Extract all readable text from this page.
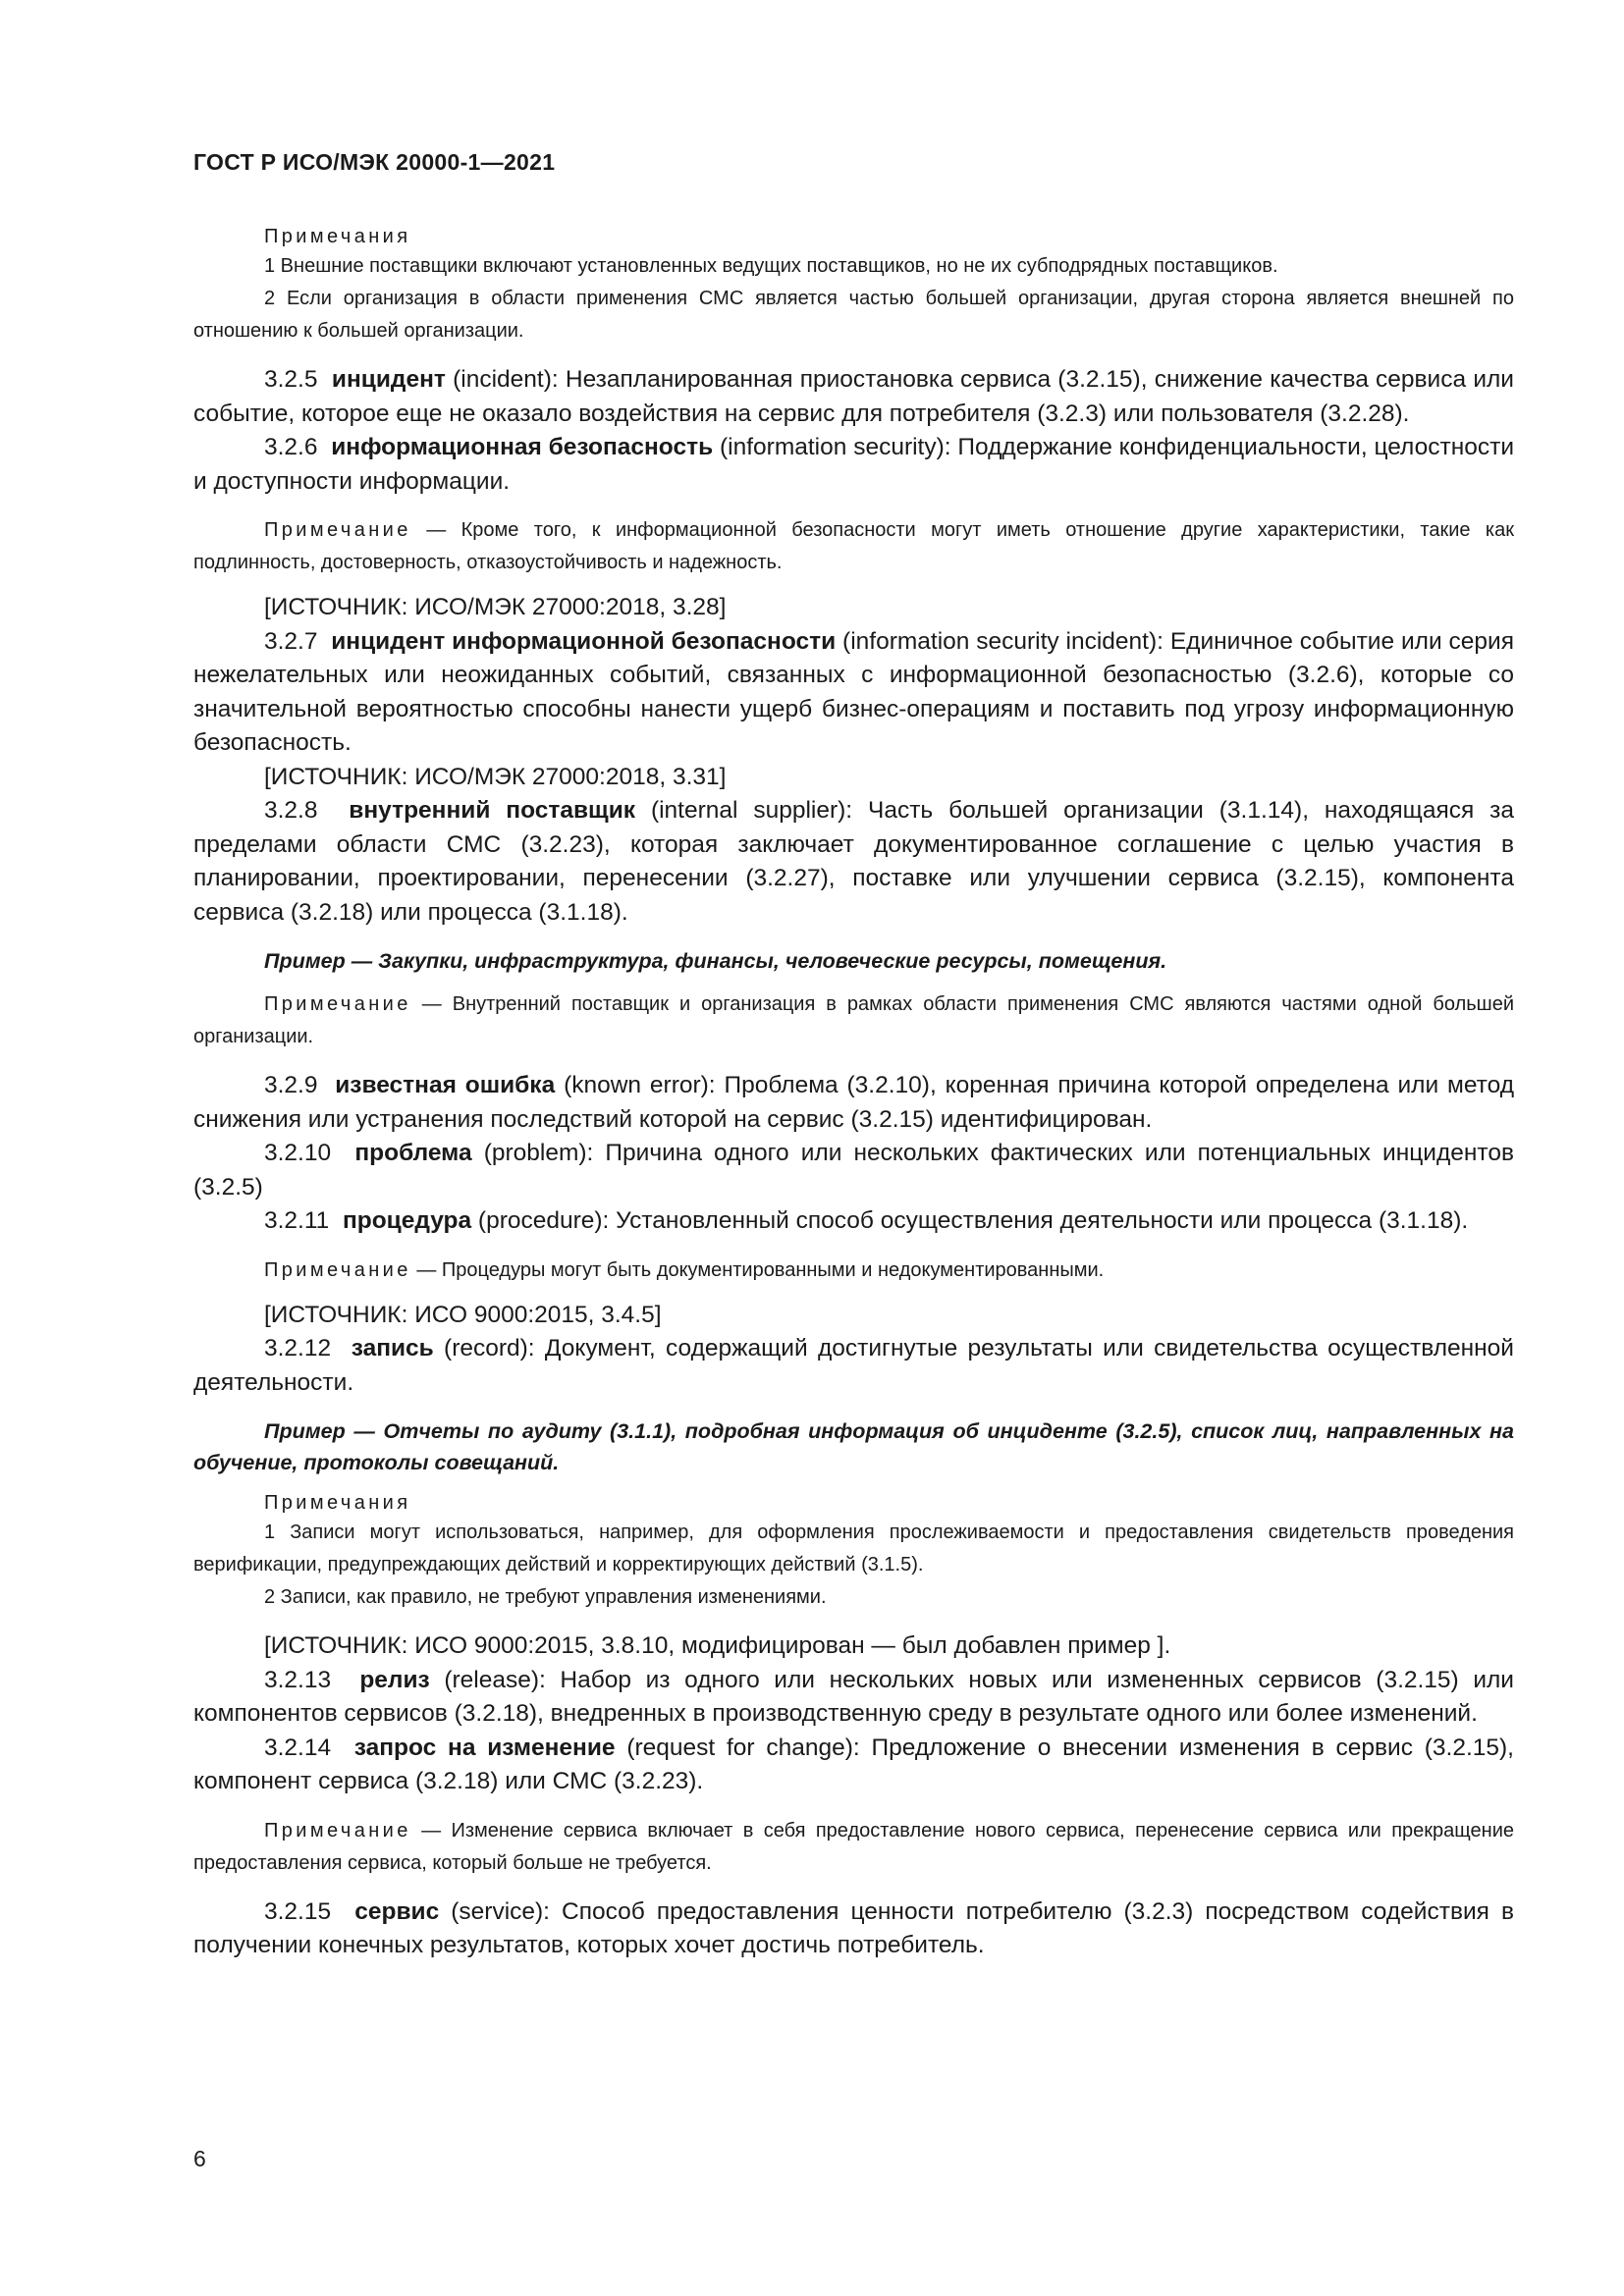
ГОСТ Р ИСО/МЭК 20000-1—2021

Примечания

1 Внешние поставщики включают установленных ведущих поставщиков, но не их субподрядных поставщиков.

2 Если организация в области применения СМС является частью большей организации, другая сторона является внешней по отношению к большей организации.

3.2.5 инцидент (incident): Незапланированная приостановка сервиса (3.2.15), снижение качества сервиса или событие, которое еще не оказало воздействия на сервис для потребителя (3.2.3) или пользователя (3.2.28).

3.2.6 информационная безопасность (information security): Поддержание конфиденциальности, целостности и доступности информации.

Примечание — Кроме того, к информационной безопасности могут иметь отношение другие характеристики, такие как подлинность, достоверность, отказоустойчивость и надежность.

[ИСТОЧНИК: ИСО/МЭК 27000:2018, 3.28]

3.2.7 инцидент информационной безопасности (information security incident): Единичное событие или серия нежелательных или неожиданных событий, связанных с информационной безопасностью (3.2.6), которые со значительной вероятностью способны нанести ущерб бизнес-операциям и поставить под угрозу информационную безопасность.

[ИСТОЧНИК: ИСО/МЭК 27000:2018, 3.31]

3.2.8 внутренний поставщик (internal supplier): Часть большей организации (3.1.14), находящаяся за пределами области СМС (3.2.23), которая заключает документированное соглашение с целью участия в планировании, проектировании, перенесении (3.2.27), поставке или улучшении сервиса (3.2.15), компонента сервиса (3.2.18) или процесса (3.1.18).

Пример — Закупки, инфраструктура, финансы, человеческие ресурсы, помещения.

Примечание — Внутренний поставщик и организация в рамках области применения СМС являются частями одной большей организации.

3.2.9 известная ошибка (known error): Проблема (3.2.10), коренная причина которой определена или метод снижения или устранения последствий которой на сервис (3.2.15) идентифицирован.

3.2.10 проблема (problem): Причина одного или нескольких фактических или потенциальных инцидентов (3.2.5)

3.2.11 процедура (procedure): Установленный способ осуществления деятельности или процесса (3.1.18).

Примечание — Процедуры могут быть документированными и недокументированными.

[ИСТОЧНИК: ИСО 9000:2015, 3.4.5]

3.2.12 запись (record): Документ, содержащий достигнутые результаты или свидетельства осуществленной деятельности.

Пример — Отчеты по аудиту (3.1.1), подробная информация об инциденте (3.2.5), список лиц, направленных на обучение, протоколы совещаний.

Примечания

1 Записи могут использоваться, например, для оформления прослеживаемости и предоставления свидетельств проведения верификации, предупреждающих действий и корректирующих действий (3.1.5).

2 Записи, как правило, не требуют управления изменениями.

[ИСТОЧНИК: ИСО 9000:2015, 3.8.10, модифицирован — был добавлен пример ].

3.2.13 релиз (release): Набор из одного или нескольких новых или измененных сервисов (3.2.15) или компонентов сервисов (3.2.18), внедренных в производственную среду в результате одного или более изменений.

3.2.14 запрос на изменение (request for change): Предложение о внесении изменения в сервис (3.2.15), компонент сервиса (3.2.18) или СМС (3.2.23).

Примечание — Изменение сервиса включает в себя предоставление нового сервиса, перенесение сервиса или прекращение предоставления сервиса, который больше не требуется.

3.2.15 сервис (service): Способ предоставления ценности потребителю (3.2.3) посредством содействия в получении конечных результатов, которых хочет достичь потребитель.

6
